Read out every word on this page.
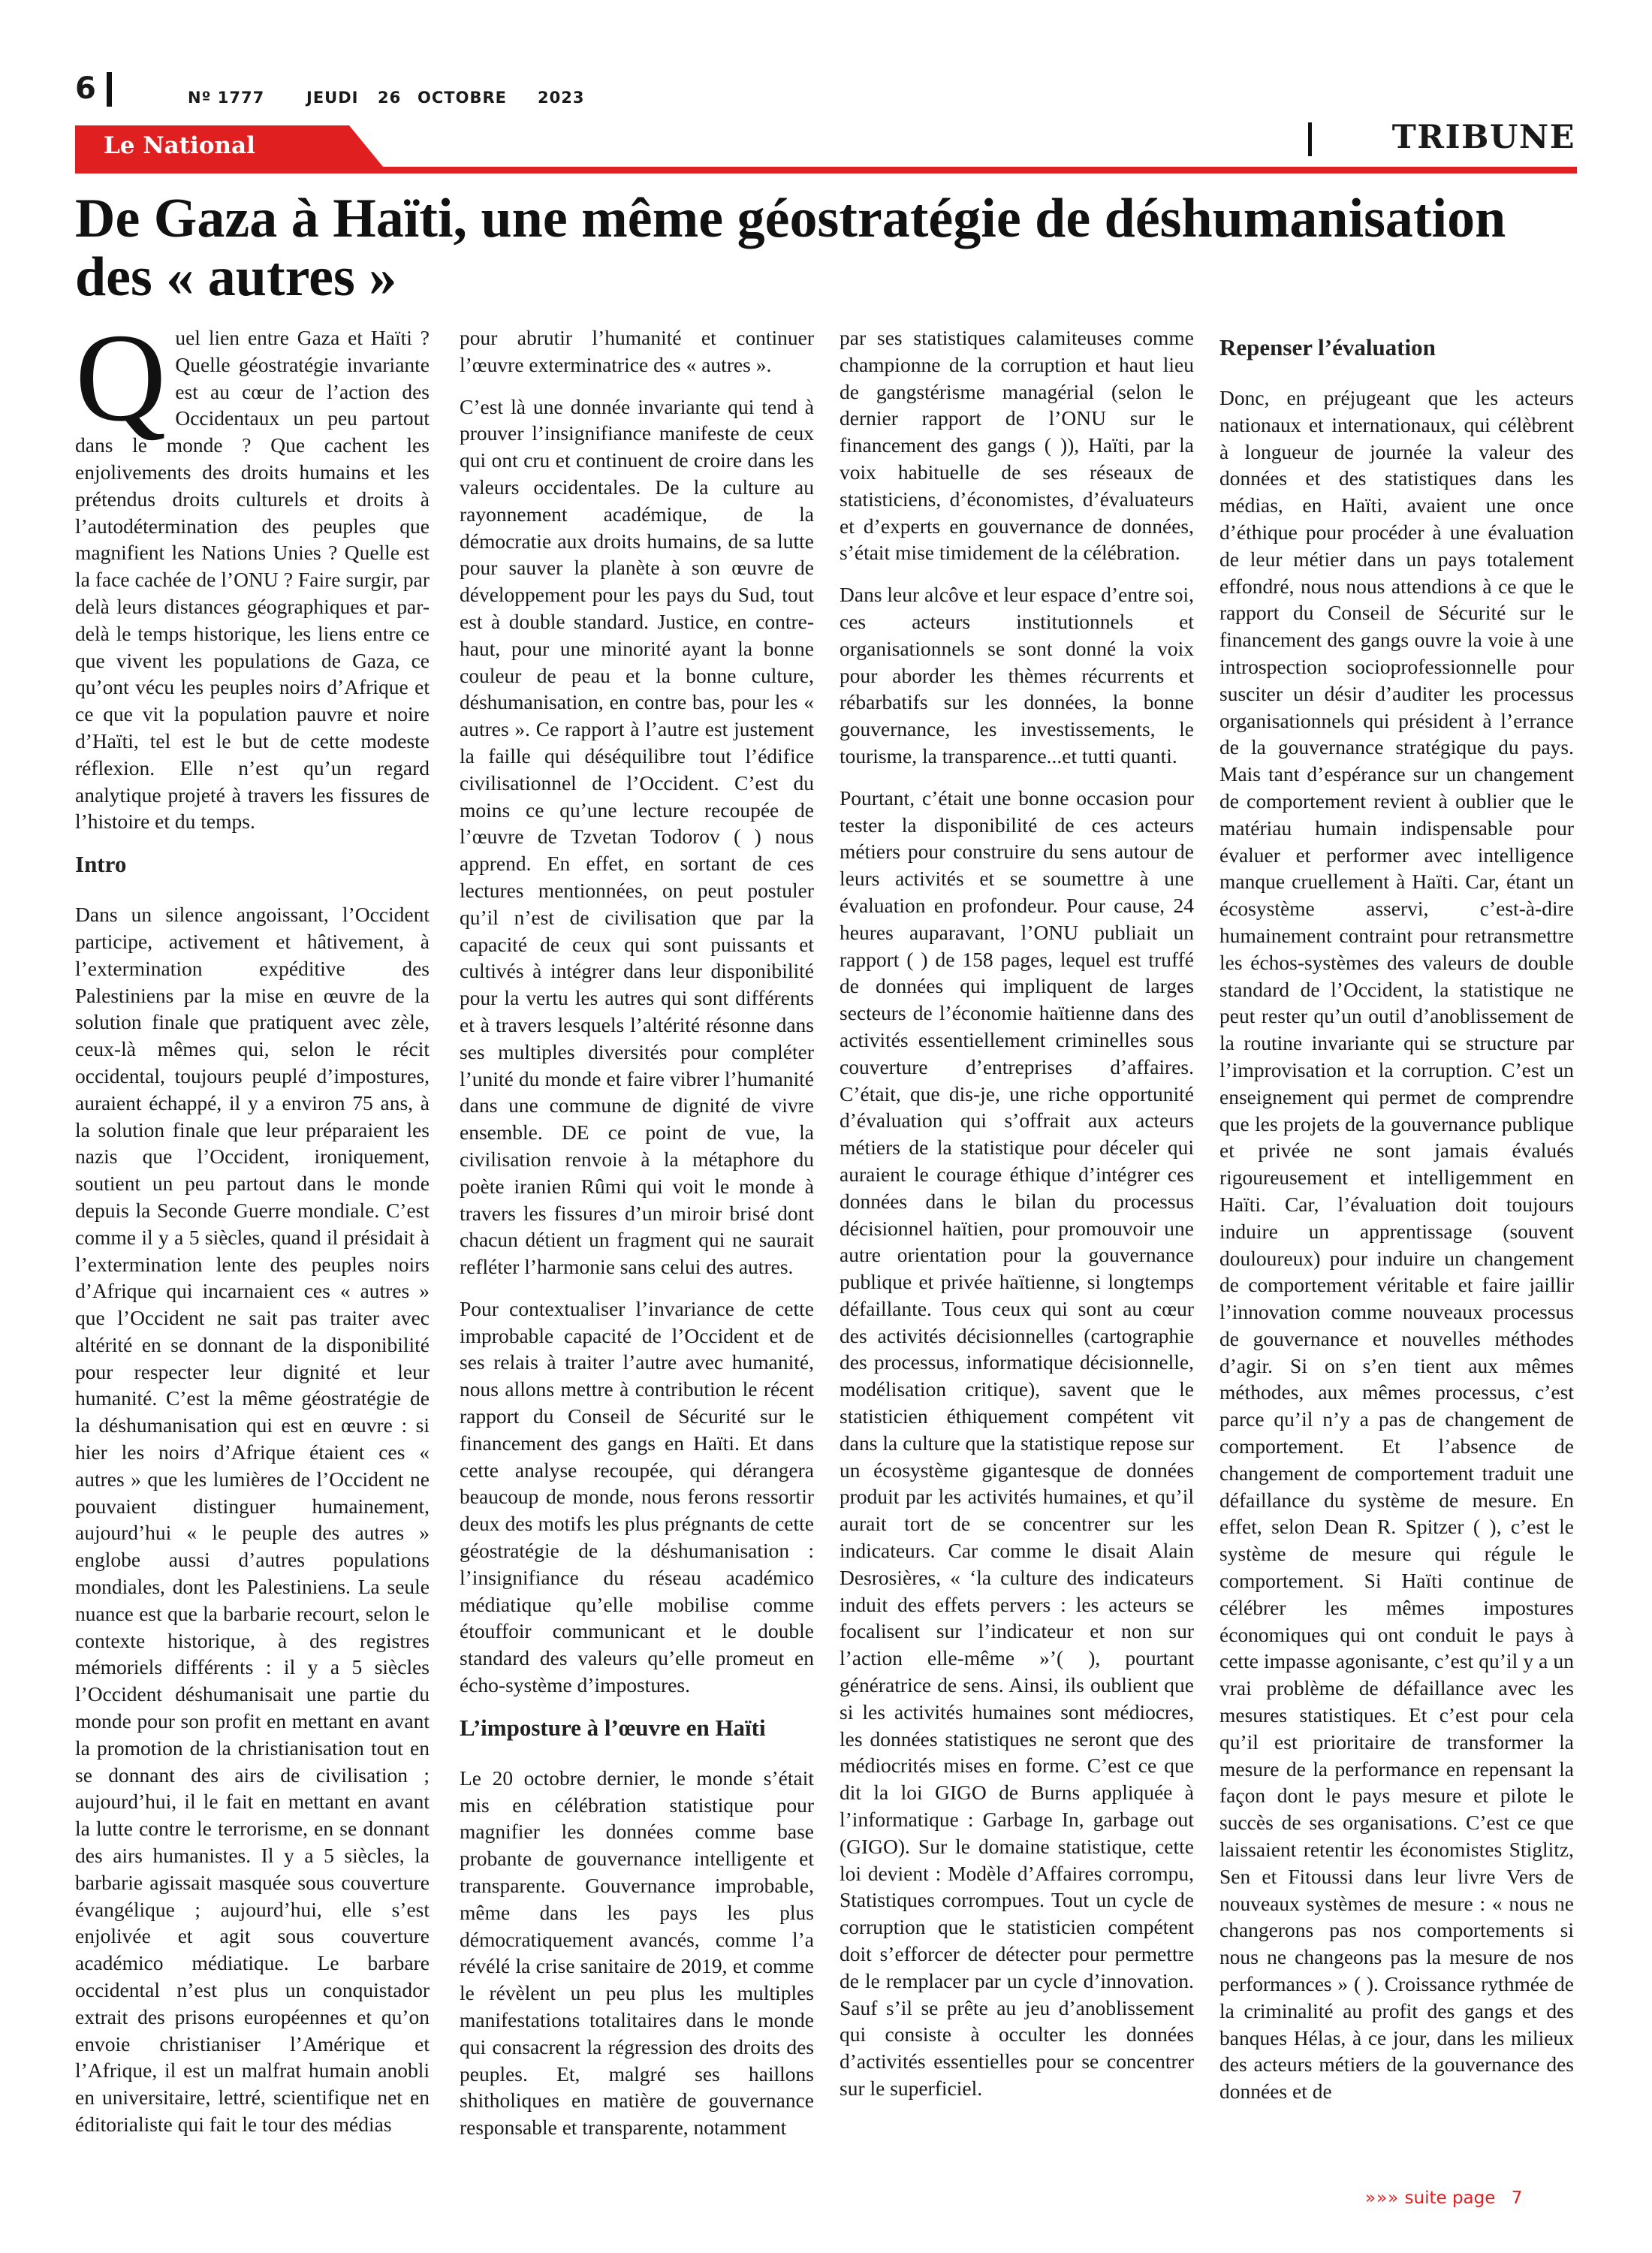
6	Nº 1777	JEUDI 26 OCTOBRE 2023
Le National	TRIBUNE
De Gaza à Haïti, une même géostratégie de déshumanisation des « autres »

Quel lien entre Gaza et Haïti ? Quelle géostratégie invariante est au cœur de l’action des Occidentaux un peu partout dans le monde ? Que cachent les enjolivements des droits humains et les prétendus droits culturels et droits à l’autodétermination des peuples que magnifient les Nations Unies ? Quelle est la face cachée de l’ONU ? Faire surgir, par delà leurs distances géographiques et par-delà le temps historique, les liens entre ce que vivent les populations de Gaza, ce qu’ont vécu les peuples noirs d’Afrique et ce que vit la population pauvre et noire d’Haïti, tel est le but de cette modeste réflexion. Elle n’est qu’un regard analytique projeté à travers les fissures de l’histoire et du temps.

Intro

Dans un silence angoissant, l’Occident participe, activement et hâtivement, à l’extermination expéditive des Palestiniens par la mise en œuvre de la solution finale que pratiquent avec zèle, ceux-là mêmes qui, selon le récit occidental, toujours peuplé d’impostures, auraient échappé, il y a environ 75 ans, à la solution finale que leur préparaient les nazis que l’Occident, ironiquement, soutient un peu partout dans le monde depuis la Seconde Guerre mondiale. C’est comme il y a 5 siècles, quand il présidait à l’extermination lente des peuples noirs d’Afrique qui incarnaient ces « autres » que l’Occident ne sait pas traiter avec altérité en se donnant de la disponibilité pour respecter leur dignité et leur humanité. C’est la même géostratégie de la déshumanisation qui est en œuvre : si hier les noirs d’Afrique étaient ces « autres » que les lumières de l’Occident ne pouvaient distinguer humainement, aujourd’hui « le peuple des autres » englobe aussi d’autres populations mondiales, dont les Palestiniens. La seule nuance est que la barbarie recourt, selon le contexte historique, à des registres mémoriels différents : il y a 5 siècles l’Occident déshumanisait une partie du monde pour son profit en mettant en avant la promotion de la christianisation tout en se donnant des airs de civilisation ; aujourd’hui, il le fait en mettant en avant la lutte contre le terrorisme, en se donnant des airs humanistes. Il y a 5 siècles, la barbarie agissait masquée sous couverture évangélique ; aujourd’hui, elle s’est enjolivée et agit sous couverture académico médiatique. Le barbare occidental n’est plus un conquistador extrait des prisons européennes et qu’on envoie christianiser l’Amérique et l’Afrique, il est un malfrat humain anobli en universitaire, lettré, scientifique net en éditorialiste qui fait le tour des médias

pour abrutir l’humanité et continuer l’œuvre exterminatrice des « autres ».

C’est là une donnée invariante qui tend à prouver l’insignifiance manifeste de ceux qui ont cru et continuent de croire dans les valeurs occidentales. De la culture au rayonnement académique, de la démocratie aux droits humains, de sa lutte pour sauver la planète à son œuvre de développement pour les pays du Sud, tout est à double standard. Justice, en contre-haut, pour une minorité ayant la bonne couleur de peau et la bonne culture, déshumanisation, en contre bas, pour les « autres ». Ce rapport à l’autre est justement la faille qui déséquilibre tout l’édifice civilisationnel de l’Occident. C’est du moins ce qu’une lecture recoupée de l’œuvre de Tzvetan Todorov ( ) nous apprend. En effet, en sortant de ces lectures mentionnées, on peut postuler qu’il n’est de civilisation que par la capacité de ceux qui sont puissants et cultivés à intégrer dans leur disponibilité pour la vertu les autres qui sont différents et à travers lesquels l’altérité résonne dans ses multiples diversités pour compléter l’unité du monde et faire vibrer l’humanité dans une commune de dignité de vivre ensemble. DE ce point de vue, la civilisation renvoie à la métaphore du poète iranien Rûmi qui voit le monde à travers les fissures d’un miroir brisé dont chacun détient un fragment qui ne saurait refléter l’harmonie sans celui des autres.

Pour contextualiser l’invariance de cette improbable capacité de l’Occident et de ses relais à traiter l’autre avec humanité, nous allons mettre à contribution le récent rapport du Conseil de Sécurité sur le financement des gangs en Haïti. Et dans cette analyse recoupée, qui dérangera beaucoup de monde, nous ferons ressortir deux des motifs les plus prégnants de cette géostratégie de la déshumanisation : l’insignifiance du réseau académico médiatique qu’elle mobilise comme étouffoir communicant et le double standard des valeurs qu’elle promeut en écho-système d’impostures.

L’imposture à l’œuvre en Haïti

Le 20 octobre dernier, le monde s’était mis en célébration statistique pour magnifier les données comme base probante de gouvernance intelligente et transparente. Gouvernance improbable, même dans les pays les plus démocratiquement avancés, comme l’a révélé la crise sanitaire de 2019, et comme le révèlent un peu plus les multiples manifestations totalitaires dans le monde qui consacrent la régression des droits des peuples. Et, malgré ses haillons shitholiques en matière de gouvernance responsable et transparente, notamment

par ses statistiques calamiteuses comme championne de la corruption et haut lieu de gangstérisme managérial (selon le dernier rapport de l’ONU sur le financement des gangs ( )), Haïti, par la voix habituelle de ses réseaux de statisticiens, d’économistes, d’évaluateurs et d’experts en gouvernance de données, s’était mise timidement de la célébration.

Dans leur alcôve et leur espace d’entre soi, ces acteurs institutionnels et organisationnels se sont donné la voix pour aborder les thèmes récurrents et rébarbatifs sur les données, la bonne gouvernance, les investissements, le tourisme, la transparence...et tutti quanti.

Pourtant, c’était une bonne occasion pour tester la disponibilité de ces acteurs métiers pour construire du sens autour de leurs activités et se soumettre à une évaluation en profondeur. Pour cause, 24 heures auparavant, l’ONU publiait un rapport ( ) de 158 pages, lequel est truffé de données qui impliquent de larges secteurs de l’économie haïtienne dans des activités essentiellement criminelles sous couverture d’entreprises d’affaires. C’était, que dis-je, une riche opportunité d’évaluation qui s’offrait aux acteurs métiers de la statistique pour déceler qui auraient le courage éthique d’intégrer ces données dans le bilan du processus décisionnel haïtien, pour promouvoir une autre orientation pour la gouvernance publique et privée haïtienne, si longtemps défaillante. Tous ceux qui sont au cœur des activités décisionnelles (cartographie des processus, informatique décisionnelle, modélisation critique), savent que le statisticien éthiquement compétent vit dans la culture que la statistique repose sur un écosystème gigantesque de données produit par les activités humaines, et qu’il aurait tort de se concentrer sur les indicateurs. Car comme le disait Alain Desrosières, « ‘la culture des indicateurs induit des effets pervers : les acteurs se focalisent sur l’indicateur et non sur l’action elle-même »’( ), pourtant génératrice de sens. Ainsi, ils oublient que si les activités humaines sont médiocres, les données statistiques ne seront que des médiocrités mises en forme. C’est ce que dit la loi GIGO de Burns appliquée à l’informatique : Garbage In, garbage out (GIGO). Sur le domaine statistique, cette loi devient : Modèle d’Affaires corrompu, Statistiques corrompues. Tout un cycle de corruption que le statisticien compétent doit s’efforcer de détecter pour permettre de le remplacer par un cycle d’innovation. Sauf s’il se prête au jeu d’anoblissement qui consiste à occulter les données d’activités essentielles pour se concentrer sur le superficiel.

Repenser l’évaluation

Donc, en préjugeant que les acteurs nationaux et internationaux, qui célèbrent à longueur de journée la valeur des données et des statistiques dans les médias, en Haïti, avaient une once d’éthique pour procéder à une évaluation de leur métier dans un pays totalement effondré, nous nous attendions à ce que le rapport du Conseil de Sécurité sur le financement des gangs ouvre la voie à une introspection socioprofessionnelle pour susciter un désir d’auditer les processus organisationnels qui président à l’errance de la gouvernance stratégique du pays. Mais tant d’espérance sur un changement de comportement revient à oublier que le matériau humain indispensable pour évaluer et performer avec intelligence manque cruellement à Haïti. Car, étant un écosystème asservi, c’est-à-dire humainement contraint pour retransmettre les échos-systèmes des valeurs de double standard de l’Occident, la statistique ne peut rester qu’un outil d’anoblissement de la routine invariante qui se structure par l’improvisation et la corruption. C’est un enseignement qui permet de comprendre que les projets de la gouvernance publique et privée ne sont jamais évalués rigoureusement et intelligemment en Haïti. Car, l’évaluation doit toujours induire un apprentissage (souvent douloureux) pour induire un changement de comportement véritable et faire jaillir l’innovation comme nouveaux processus de gouvernance et nouvelles méthodes d’agir. Si on s’en tient aux mêmes méthodes, aux mêmes processus, c’est parce qu’il n’y a pas de changement de comportement. Et l’absence de changement de comportement traduit une défaillance du système de mesure. En effet, selon Dean R. Spitzer ( ), c’est le système de mesure qui régule le comportement. Si Haïti continue de célébrer les mêmes impostures économiques qui ont conduit le pays à cette impasse agonisante, c’est qu’il y a un vrai problème de défaillance avec les mesures statistiques. Et c’est pour cela qu’il est prioritaire de transformer la mesure de la performance en repensant la façon dont le pays mesure et pilote le succès de ses organisations. C’est ce que laissaient retentir les économistes Stiglitz, Sen et Fitoussi dans leur livre Vers de nouveaux systèmes de mesure : « nous ne changerons pas nos comportements si nous ne changeons pas la mesure de nos performances » ( ). Croissance rythmée de la criminalité au profit des gangs et des banques Hélas, à ce jour, dans les milieux des acteurs métiers de la gouvernance des données et de

»»» suite page 7
